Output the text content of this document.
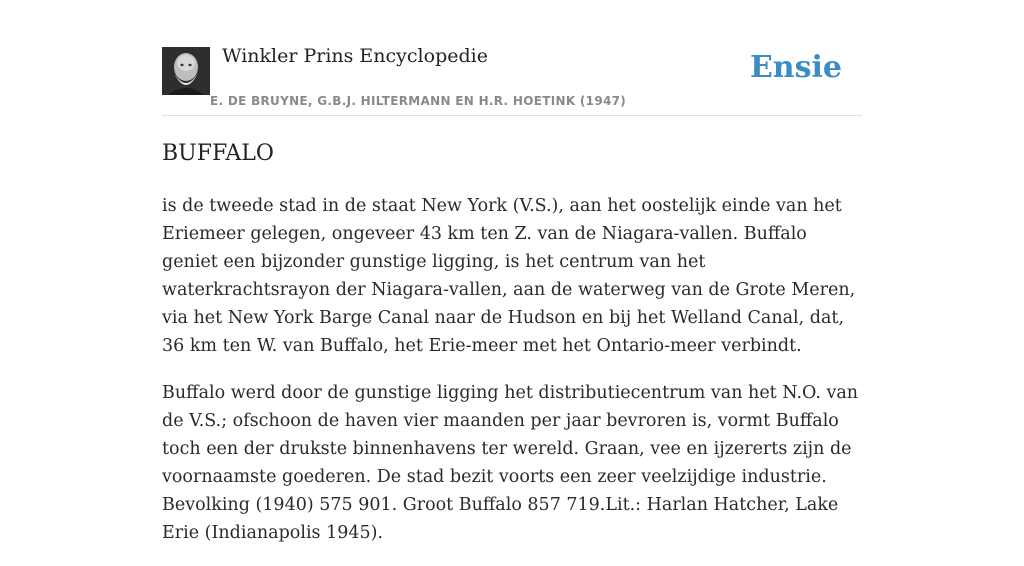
Winkler Prins Encyclopedie
E. DE BRUYNE, G.B.J. HILTERMANN EN H.R. HOETINK (1947)
Ensie
BUFFALO

is de tweede stad in de staat New York (V.S.), aan het oostelijk einde van het Eriemeer gelegen, ongeveer 43 km ten Z. van de Niagara-vallen. Buffalo geniet een bijzonder gunstige ligging, is het centrum van het waterkrachtsrayon der Niagara-vallen, aan de waterweg van de Grote Meren, via het New York Barge Canal naar de Hudson en bij het Welland Canal, dat, 36 km ten W. van Buffalo, het Erie-meer met het Ontario-meer verbindt.

Buffalo werd door de gunstige ligging het distributiecentrum van het N.O. van de V.S.; ofschoon de haven vier maanden per jaar bevroren is, vormt Buffalo toch een der drukste binnenhavens ter wereld. Graan, vee en ijzererts zijn de voornaamste goederen. De stad bezit voorts een zeer veelzijdige industrie. Bevolking (1940) 575 901. Groot Buffalo 857 719.Lit.: Harlan Hatcher, Lake Erie (Indianapolis 1945).
